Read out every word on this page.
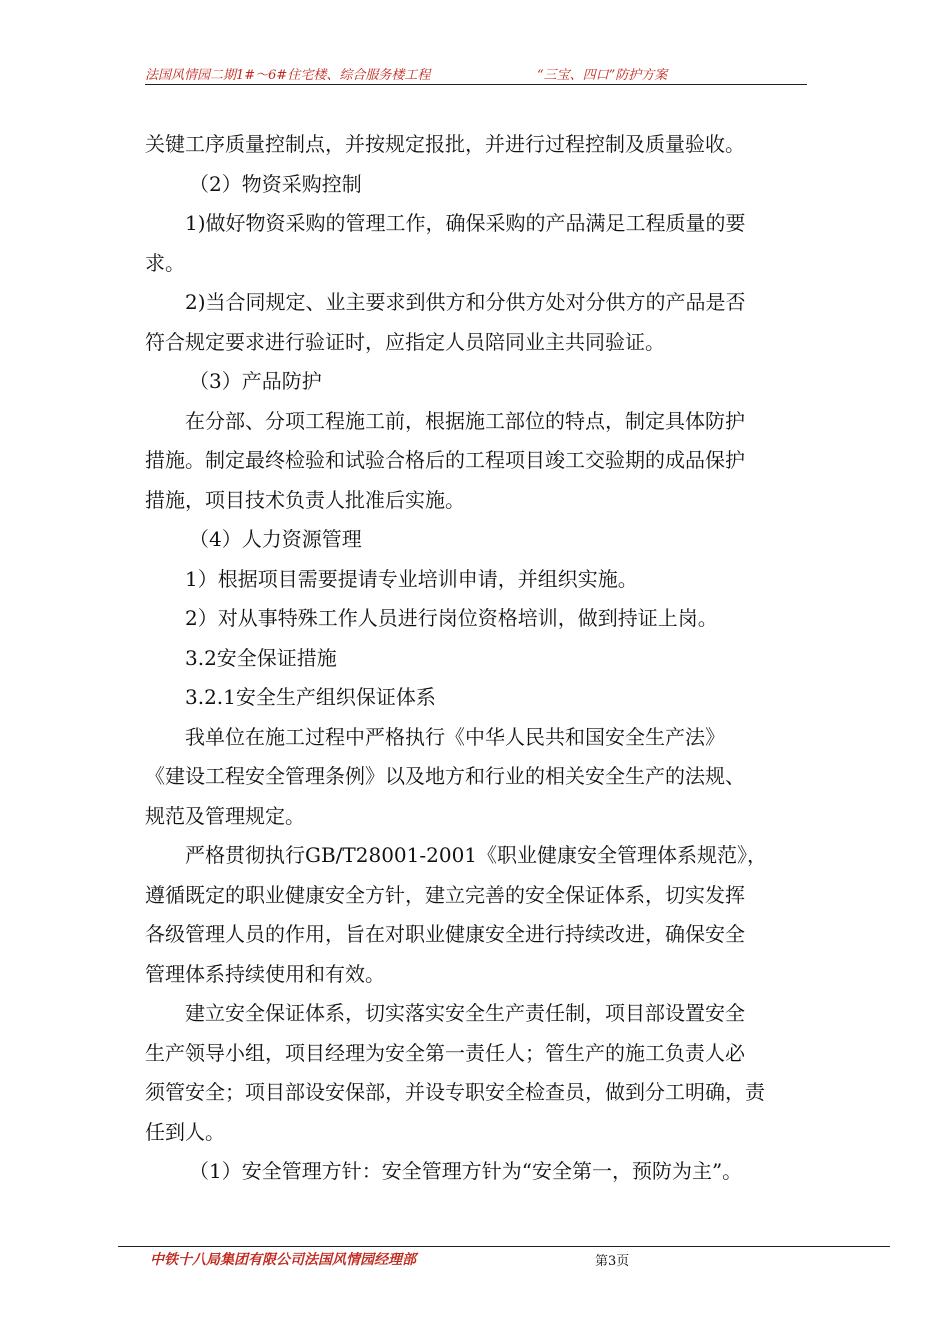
法国风情园二期1#～6#住宅楼、综合服务楼工程	“三宝、四口”防护方案

关键工序质量控制点，并按规定报批，并进行过程控制及质量验收。

（2）物资采购控制

1)做好物资采购的管理工作，确保采购的产品满足工程质量的要

求。

2)当合同规定、业主要求到供方和分供方处对分供方的产品是否

符合规定要求进行验证时，应指定人员陪同业主共同验证。

（3）产品防护

在分部、分项工程施工前，根据施工部位的特点，制定具体防护

措施。制定最终检验和试验合格后的工程项目竣工交验期的成品保护

措施，项目技术负责人批准后实施。

（4）人力资源管理

1）根据项目需要提请专业培训申请，并组织实施。

2）对从事特殊工作人员进行岗位资格培训，做到持证上岗。

3.2安全保证措施

3.2.1安全生产组织保证体系

我单位在施工过程中严格执行《中华人民共和国安全生产法》

《建设工程安全管理条例》以及地方和行业的相关安全生产的法规、

规范及管理规定。

严格贯彻执行GB/T28001-2001《职业健康安全管理体系规范》，

遵循既定的职业健康安全方针，建立完善的安全保证体系，切实发挥

各级管理人员的作用，旨在对职业健康安全进行持续改进，确保安全

管理体系持续使用和有效。

建立安全保证体系，切实落实安全生产责任制，项目部设置安全

生产领导小组，项目经理为安全第一责任人；管生产的施工负责人必

须管安全；项目部设安保部，并设专职安全检查员，做到分工明确，责

任到人。

（1）安全管理方针：安全管理方针为“安全第一，预防为主”。

中铁十八局集团有限公司法国风情园经理部	第3页
